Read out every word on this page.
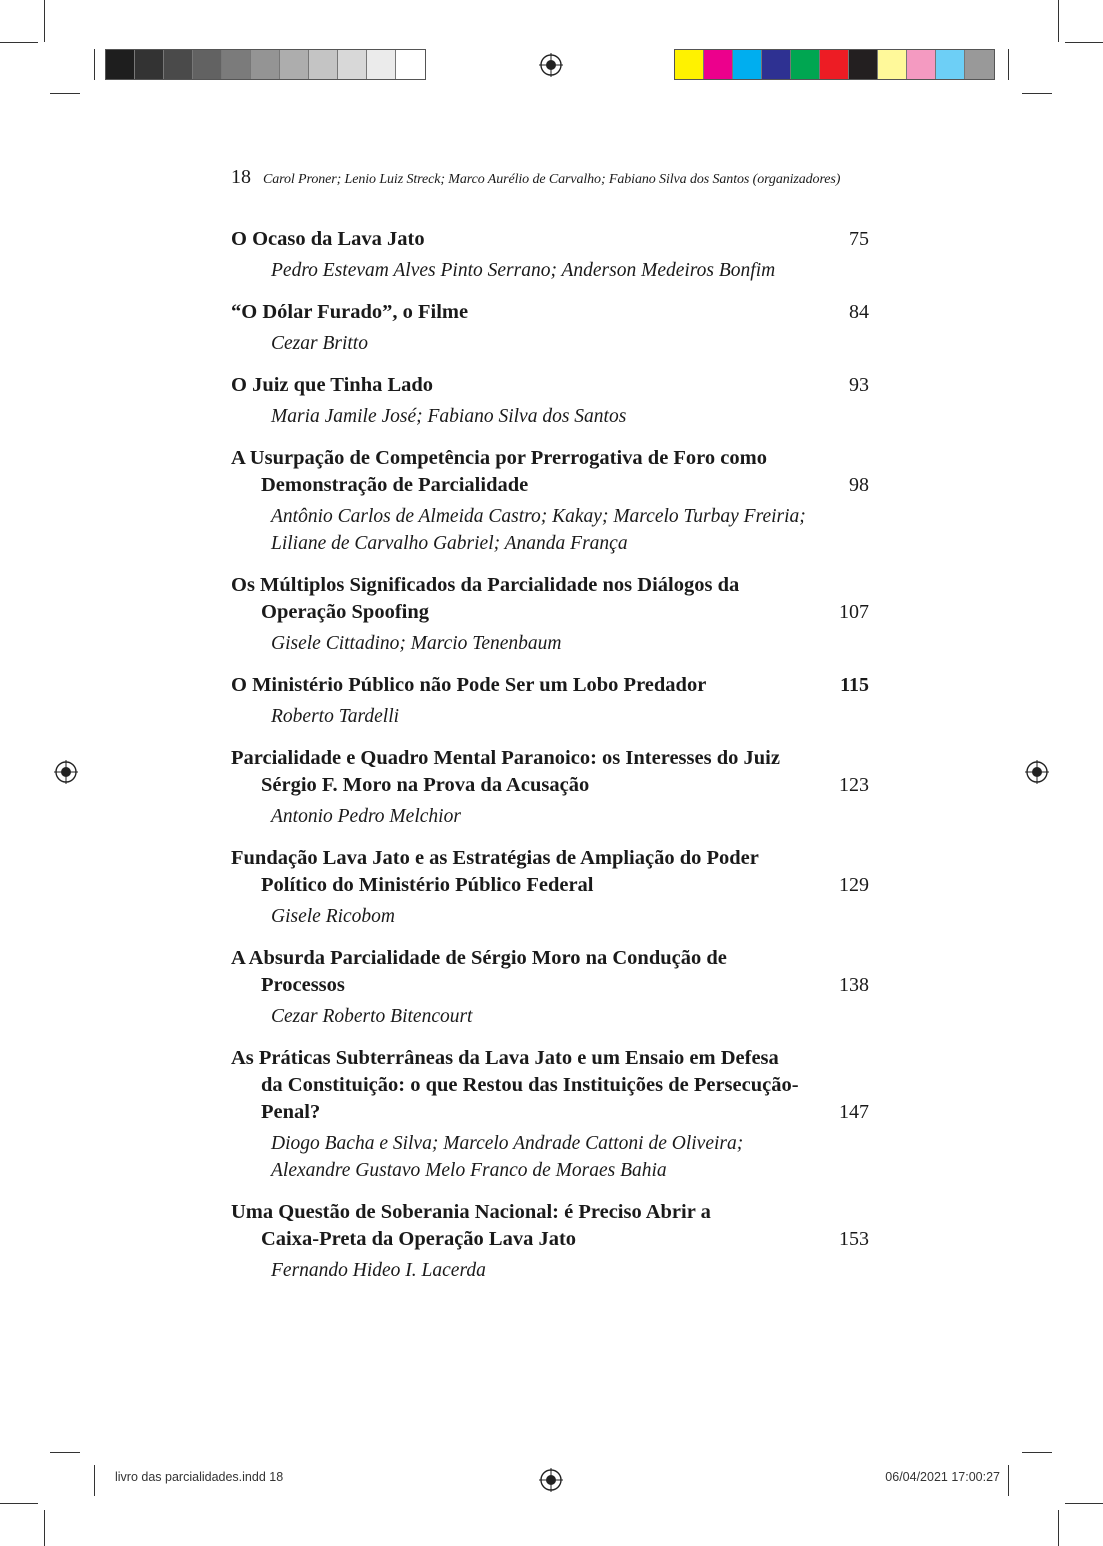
18 Carol Proner; Lenio Luiz Streck; Marco Aurélio de Carvalho; Fabiano Silva dos Santos (organizadores)
O Ocaso da Lava Jato	75
Pedro Estevam Alves Pinto Serrano; Anderson Medeiros Bonfim
“O Dólar Furado”, o Filme	84
Cezar Britto
O Juiz que Tinha Lado	93
Maria Jamile José; Fabiano Silva dos Santos
A Usurpação de Competência por Prerrogativa de Foro como
Demonstração de Parcialidade	98
Antônio Carlos de Almeida Castro; Kakay; Marcelo Turbay Freiria;
Liliane de Carvalho Gabriel; Ananda França
Os Múltiplos Significados da Parcialidade nos Diálogos da
Operação Spoofing	107
Gisele Cittadino; Marcio Tenenbaum
O Ministério Público não Pode Ser um Lobo Predador	115
Roberto Tardelli
Parcialidade e Quadro Mental Paranoico: os Interesses do Juiz
Sérgio F. Moro na Prova da Acusação	123
Antonio Pedro Melchior
Fundação Lava Jato e as Estratégias de Ampliação do Poder
Político do Ministério Público Federal	129
Gisele Ricobom
A Absurda Parcialidade de Sérgio Moro na Condução de
Processos	138
Cezar Roberto Bitencourt
As Práticas Subterrâneas da Lava Jato e um Ensaio em Defesa
da Constituição: o que Restou das Instituições de Persecução-
Penal?	147
Diogo Bacha e Silva; Marcelo Andrade Cattoni de Oliveira;
Alexandre Gustavo Melo Franco de Moraes Bahia
Uma Questão de Soberania Nacional: é Preciso Abrir a
Caixa-Preta da Operação Lava Jato	153
Fernando Hideo I. Lacerda
livro das parcialidades.indd 18	06/04/2021 17:00:27
